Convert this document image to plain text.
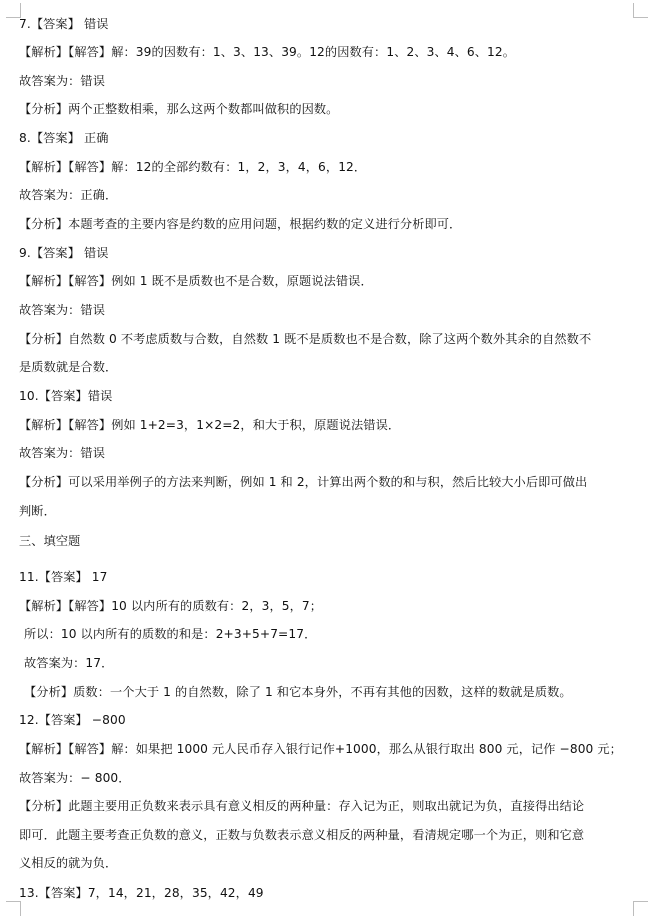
7.【答案】 错误
【解析】【解答】解：39的因数有：1、3、13、39。12的因数有：1、2、3、4、6、12。
故答案为：错误
【分析】两个正整数相乘，那么这两个数都叫做积的因数。
8.【答案】 正确
【解析】【解答】解：12的全部约数有：1，2，3，4，6，12．
故答案为：正确．
【分析】本题考查的主要内容是约数的应用问题，根据约数的定义进行分析即可．
9.【答案】 错误
【解析】【解答】例如 1 既不是质数也不是合数，原题说法错误．
故答案为：错误
【分析】自然数 0 不考虑质数与合数，自然数 1 既不是质数也不是合数，除了这两个数外其余的自然数不
是质数就是合数．
10.【答案】错误
【解析】【解答】例如 1+2=3，1×2=2，和大于积，原题说法错误．
故答案为：错误
【分析】可以采用举例子的方法来判断，例如 1 和 2，计算出两个数的和与积，然后比较大小后即可做出
判断．
三、填空题
11.【答案】 17
【解析】【解答】10 以内所有的质数有：2，3，5，7；
所以：10 以内所有的质数的和是：2+3+5+7=17．
故答案为：17．
【分析】质数：一个大于 1 的自然数，除了 1 和它本身外，不再有其他的因数，这样的数就是质数。
12.【答案】 −800
【解析】【解答】解：如果把 1000 元人民币存入银行记作+1000，那么从银行取出 800 元，记作 −800 元；
故答案为：− 800．
【分析】此题主要用正负数来表示具有意义相反的两种量：存入记为正，则取出就记为负，直接得出结论
即可．此题主要考查正负数的意义，正数与负数表示意义相反的两种量，看清规定哪一个为正，则和它意
义相反的就为负．
13.【答案】7，14，21，28，35，42，49
